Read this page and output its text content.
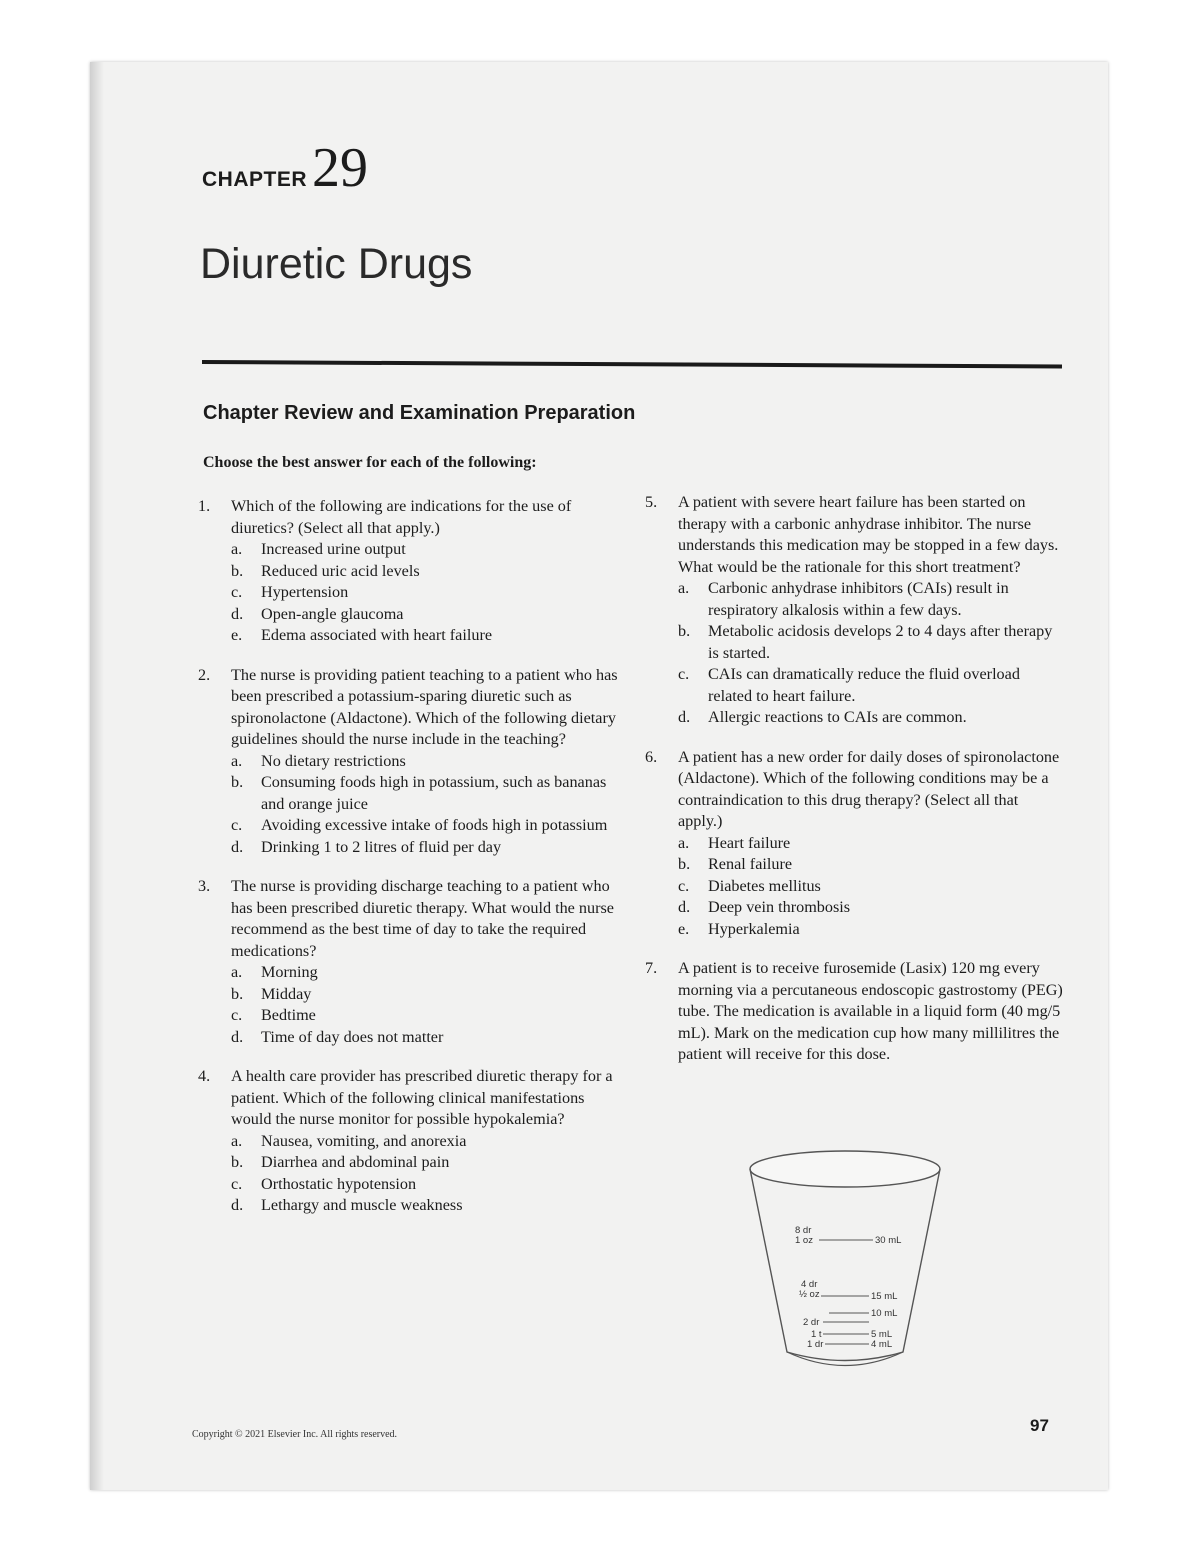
CHAPTER 29
Diuretic Drugs
Chapter Review and Examination Preparation
Choose the best answer for each of the following:
1. Which of the following are indications for the use of diuretics? (Select all that apply.)
a. Increased urine output
b. Reduced uric acid levels
c. Hypertension
d. Open-angle glaucoma
e. Edema associated with heart failure
2. The nurse is providing patient teaching to a patient who has been prescribed a potassium-sparing diuretic such as spironolactone (Aldactone). Which of the following dietary guidelines should the nurse include in the teaching?
a. No dietary restrictions
b. Consuming foods high in potassium, such as bananas and orange juice
c. Avoiding excessive intake of foods high in potassium
d. Drinking 1 to 2 litres of fluid per day
3. The nurse is providing discharge teaching to a patient who has been prescribed diuretic therapy. What would the nurse recommend as the best time of day to take the required medications?
a. Morning
b. Midday
c. Bedtime
d. Time of day does not matter
4. A health care provider has prescribed diuretic therapy for a patient. Which of the following clinical manifestations would the nurse monitor for possible hypokalemia?
a. Nausea, vomiting, and anorexia
b. Diarrhea and abdominal pain
c. Orthostatic hypotension
d. Lethargy and muscle weakness
5. A patient with severe heart failure has been started on therapy with a carbonic anhydrase inhibitor. The nurse understands this medication may be stopped in a few days. What would be the rationale for this short treatment?
a. Carbonic anhydrase inhibitors (CAIs) result in respiratory alkalosis within a few days.
b. Metabolic acidosis develops 2 to 4 days after therapy is started.
c. CAIs can dramatically reduce the fluid overload related to heart failure.
d. Allergic reactions to CAIs are common.
6. A patient has a new order for daily doses of spironolactone (Aldactone). Which of the following conditions may be a contraindication to this drug therapy? (Select all that apply.)
a. Heart failure
b. Renal failure
c. Diabetes mellitus
d. Deep vein thrombosis
e. Hyperkalemia
7. A patient is to receive furosemide (Lasix) 120 mg every morning via a percutaneous endoscopic gastrostomy (PEG) tube. The medication is available in a liquid form (40 mg/5 mL). Mark on the medication cup how many millilitres the patient will receive for this dose.
8 dr
1 oz	30 mL
4 dr
½ oz	15 mL
10 mL
2 dr
1 t	5 mL
1 dr	4 mL
Copyright © 2021 Elsevier Inc. All rights reserved.	97
